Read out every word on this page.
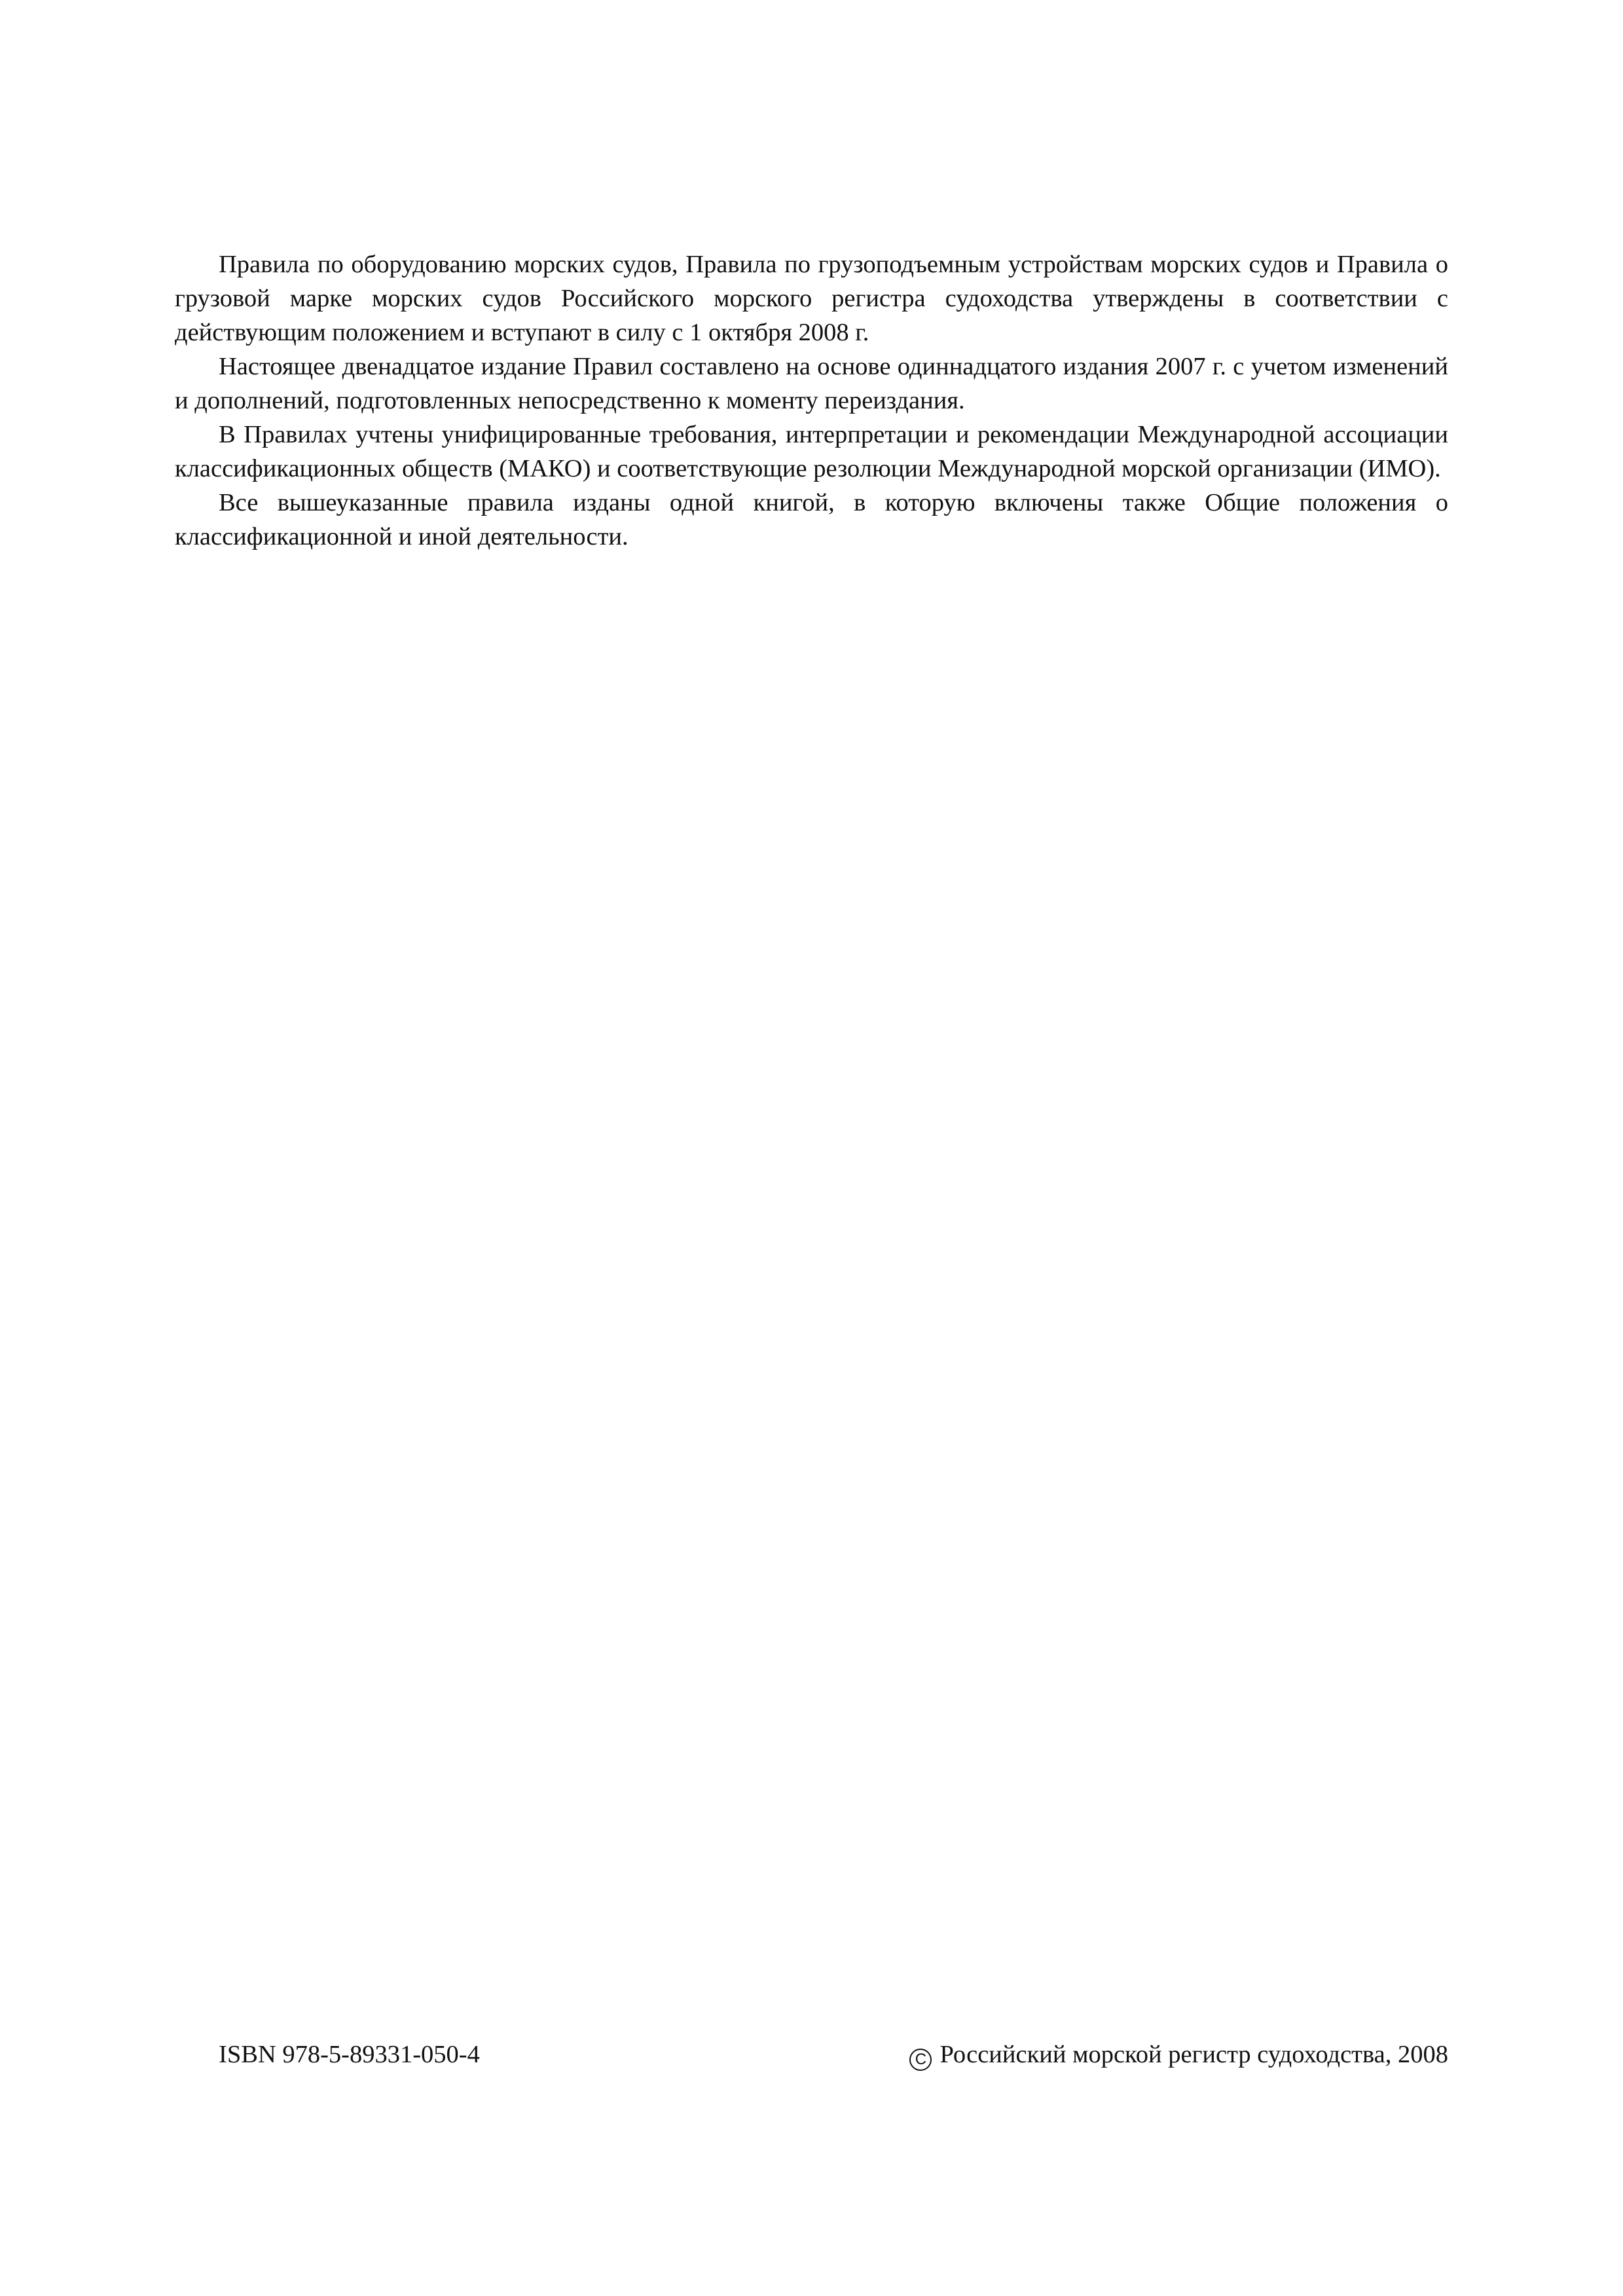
Правила по оборудованию морских судов, Правила по грузоподъемным устройствам морских судов и Правила о грузовой марке морских судов Российского морского регистра судоходства утверждены в соответствии с действующим положением и вступают в силу с 1 октября 2008 г.

Настоящее двенадцатое издание Правил составлено на основе одиннадцатого издания 2007 г. с учетом изменений и дополнений, подготовленных непосредственно к моменту переиздания.

В Правилах учтены унифицированные требования, интерпретации и рекомендации Международной ассоциации классификационных обществ (МАКО) и соответствующие резолюции Международной морской организации (ИМО).

Все вышеуказанные правила изданы одной книгой, в которую включены также Общие положения о классификационной и иной деятельности.

ISBN 978-5-89331-050-4	C Российский морской регистр судоходства, 2008
